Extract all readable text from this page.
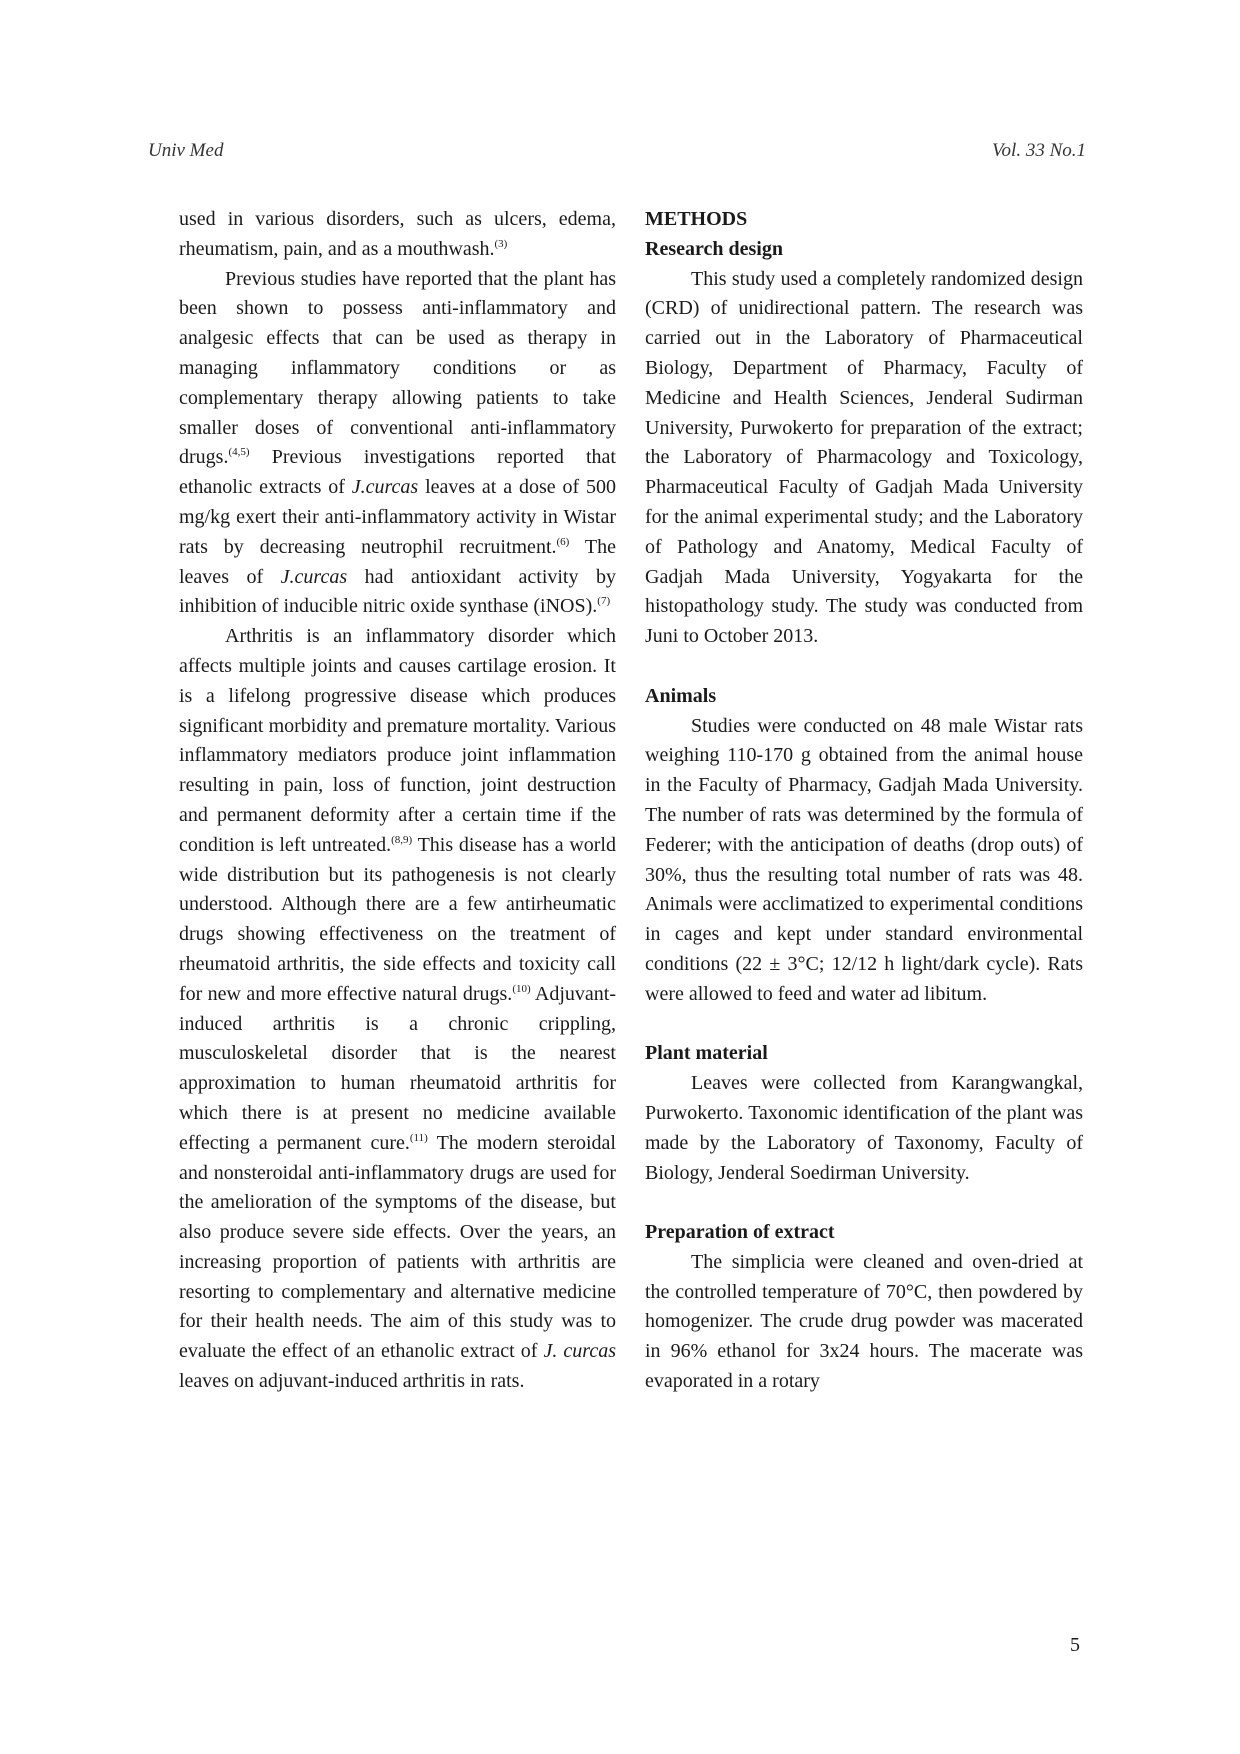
Univ Med	Vol. 33 No.1

used in various disorders, such as ulcers, edema, rheumatism, pain, and as a mouthwash.$^{(3)}$

Previous studies have reported that the plant has been shown to possess anti-inflammatory and analgesic effects that can be used as therapy in managing inflammatory conditions or as complementary therapy allowing patients to take smaller doses of conventional anti-inflammatory drugs.$^{(4,5)}$ Previous investigations reported that ethanolic extracts of J.curcas leaves at a dose of 500 mg/kg exert their anti-inflammatory activity in Wistar rats by decreasing neutrophil recruitment.$^{(6)}$ The leaves of J.curcas had antioxidant activity by inhibition of inducible nitric oxide synthase (iNOS).$^{(7)}$

Arthritis is an inflammatory disorder which affects multiple joints and causes cartilage erosion. It is a lifelong progressive disease which produces significant morbidity and premature mortality. Various inflammatory mediators produce joint inflammation resulting in pain, loss of function, joint destruction and permanent deformity after a certain time if the condition is left untreated.$^{(8,9)}$ This disease has a world wide distribution but its pathogenesis is not clearly understood. Although there are a few antirheumatic drugs showing effectiveness on the treatment of rheumatoid arthritis, the side effects and toxicity call for new and more effective natural drugs.$^{(10)}$ Adjuvant-induced arthritis is a chronic crippling, musculoskeletal disorder that is the nearest approximation to human rheumatoid arthritis for which there is at present no medicine available effecting a permanent cure.$^{(11)}$ The modern steroidal and nonsteroidal anti-inflammatory drugs are used for the amelioration of the symptoms of the disease, but also produce severe side effects. Over the years, an increasing proportion of patients with arthritis are resorting to complementary and alternative medicine for their health needs. The aim of this study was to evaluate the effect of an ethanolic extract of J. curcas leaves on adjuvant-induced arthritis in rats.

METHODS

Research design

This study used a completely randomized design (CRD) of unidirectional pattern. The research was carried out in the Laboratory of Pharmaceutical Biology, Department of Pharmacy, Faculty of Medicine and Health Sciences, Jenderal Sudirman University, Purwokerto for preparation of the extract; the Laboratory of Pharmacology and Toxicology, Pharmaceutical Faculty of Gadjah Mada University for the animal experimental study; and the Laboratory of Pathology and Anatomy, Medical Faculty of Gadjah Mada University, Yogyakarta for the histopathology study. The study was conducted from Juni to October 2013.

Animals

Studies were conducted on 48 male Wistar rats weighing 110-170 g obtained from the animal house in the Faculty of Pharmacy, Gadjah Mada University. The number of rats was determined by the formula of Federer; with the anticipation of deaths (drop outs) of 30%, thus the resulting total number of rats was 48. Animals were acclimatized to experimental conditions in cages and kept under standard environmental conditions (22 ± 3°C; 12/12 h light/dark cycle). Rats were allowed to feed and water ad libitum.

Plant material

Leaves were collected from Karangwangkal, Purwokerto. Taxonomic identification of the plant was made by the Laboratory of Taxonomy, Faculty of Biology, Jenderal Soedirman University.

Preparation of extract

The simplicia were cleaned and oven-dried at the controlled temperature of 70°C, then powdered by homogenizer. The crude drug powder was macerated in 96% ethanol for 3x24 hours. The macerate was evaporated in a rotary

5
